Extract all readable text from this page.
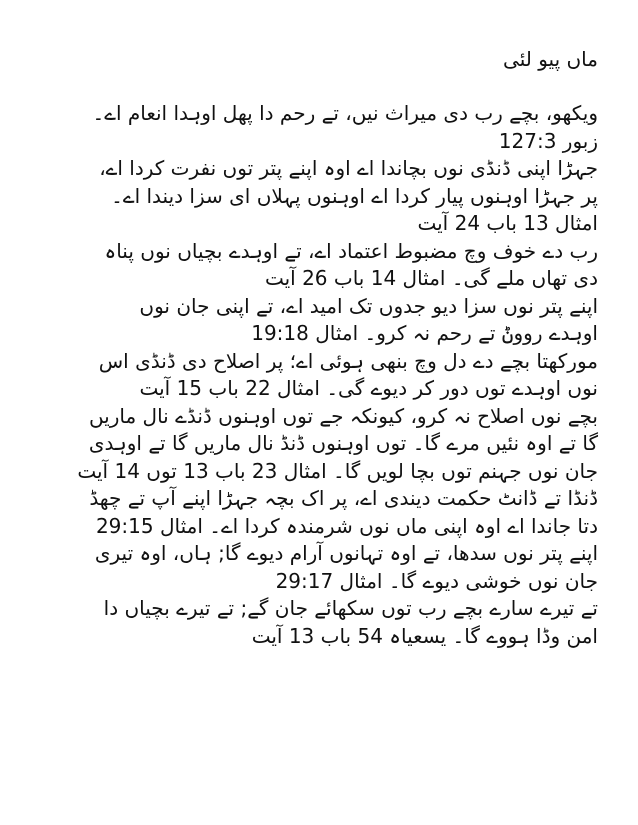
ماں پیو لئی
ویکھو، بچے رب دی میراث نیں، تے رحم دا پھل اوہدا انعام اے۔
زبور 127:3
جہڑا اپنی ڈنڈی نوں بچاندا اے اوہ اپنے پتر توں نفرت کردا اے،
پر جہڑا اوہنوں پیار کردا اے اوہنوں پہلاں ای سزا دیندا اے۔
امثال 13 باب 24 آیت
رب دے خوف وچ مضبوط اعتماد اے، تے اوہدے بچیاں نوں پناہ
دی تھاں ملے گی۔ امثال 14 باب 26 آیت
اپنے پتر نوں سزا دیو جدوں تک امید اے، تے اپنی جان نوں
اوہدے رووݨ تے رحم نہ کرو۔ امثال 19:18
مورکھتا بچے دے دل وچ بنھی ہوئی اے؛ پر اصلاح دی ڈنڈی اس
نوں اوہدے توں دور کر دیوے گی۔ امثال 22 باب 15 آیت
بچے نوں اصلاح نہ کرو، کیونکہ جے توں اوہنوں ڈنڈے نال ماریں
گا تے اوہ نئیں مرے گا۔ توں اوہنوں ڈنڈ نال ماریں گا تے اوہدی
جان نوں جہنم توں بچا لویں گا۔ امثال 23 باب 13 توں 14 آیت
ڈنڈا تے ڈانٹ حکمت دیندی اے، پر اک بچہ جہڑا اپنے آپ تے چھڈ
دتا جاندا اے اوہ اپنی ماں نوں شرمندہ کردا اے۔ امثال 29:15
اپنے پتر نوں سدھا، تے اوہ تہانوں آرام دیوے گا; ہاں، اوہ تیری
جان نوں خوشی دیوے گا۔ امثال 29:17
تے تیرے سارے بچے رب توں سکھائے جان گے; تے تیرے بچیاں دا
امن وڈا ہووے گا۔ یسعیاہ 54 باب 13 آیت
